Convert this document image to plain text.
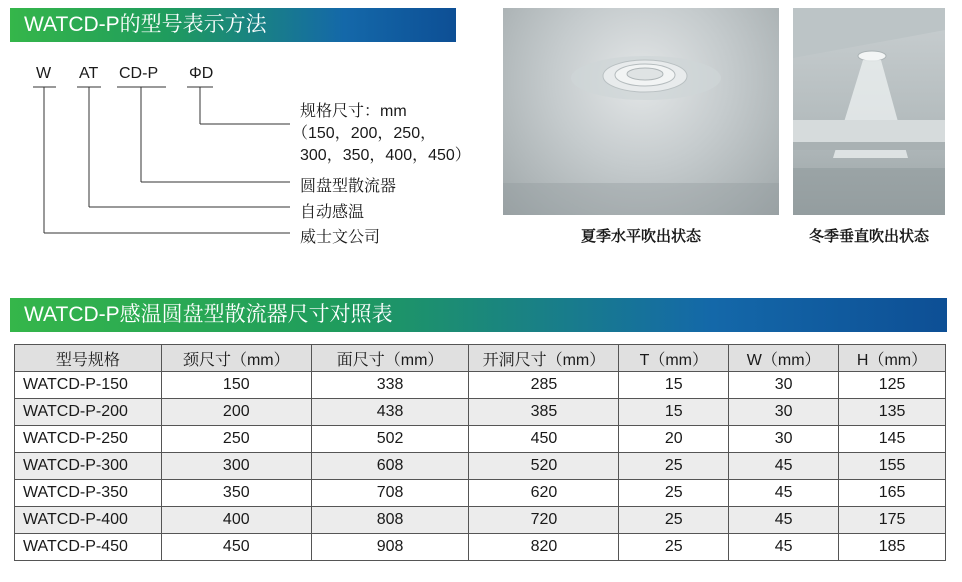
WATCD-P的型号表示方法
W AT CD-P ΦD
规格尺寸：mm
（150，200，250，
300，350，400，450）
圆盘型散流器
自动感温
威士文公司	夏季水平吹出状态	冬季垂直吹出状态
WATCD-P感温圆盘型散流器尺寸对照表
型号规格	颈尺寸（mm）	面尺寸（mm）	开洞尺寸（mm）	T（mm）	W（mm）	H（mm）
WATCD-P-150	150	338	285	15	30	125
WATCD-P-200	200	438	385	15	30	135
WATCD-P-250	250	502	450	20	30	145
WATCD-P-300	300	608	520	25	45	155
WATCD-P-350	350	708	620	25	45	165
WATCD-P-400	400	808	720	25	45	175
WATCD-P-450	450	908	820	25	45	185
